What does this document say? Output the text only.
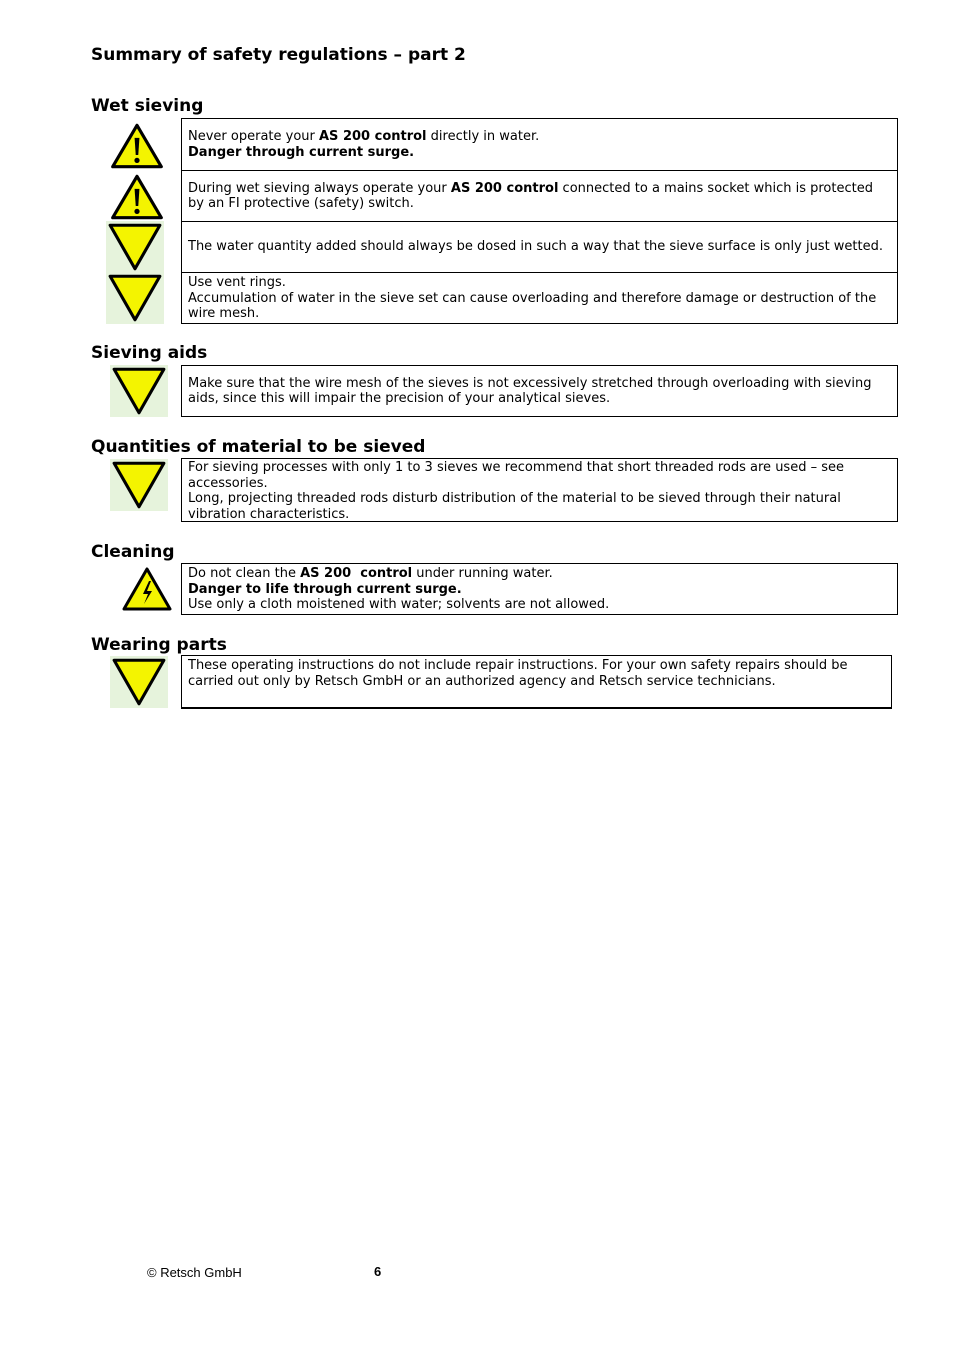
Summary of safety regulations – part 2
Wet sieving
Never operate your AS 200 control directly in water.
Danger through current surge.
During wet sieving always operate your AS 200 control connected to a mains socket which is protected by an FI protective (safety) switch.
The water quantity added should always be dosed in such a way that the sieve surface is only just wetted.
Use vent rings.
Accumulation of water in the sieve set can cause overloading and therefore damage or destruction of the wire mesh.
Sieving aids
Make sure that the wire mesh of the sieves is not excessively stretched through overloading with sieving aids, since this will impair the precision of your analytical sieves.
Quantities of material to be sieved
For sieving processes with only 1 to 3 sieves we recommend that short threaded rods are used – see accessories.
Long, projecting threaded rods disturb distribution of the material to be sieved through their natural vibration characteristics.
Cleaning
Do not clean the AS 200  control under running water.
Danger to life through current surge.
Use only a cloth moistened with water; solvents are not allowed.
Wearing parts
These operating instructions do not include repair instructions. For your own safety repairs should be carried out only by Retsch GmbH or an authorized agency and Retsch service technicians.
© Retsch GmbH	6
